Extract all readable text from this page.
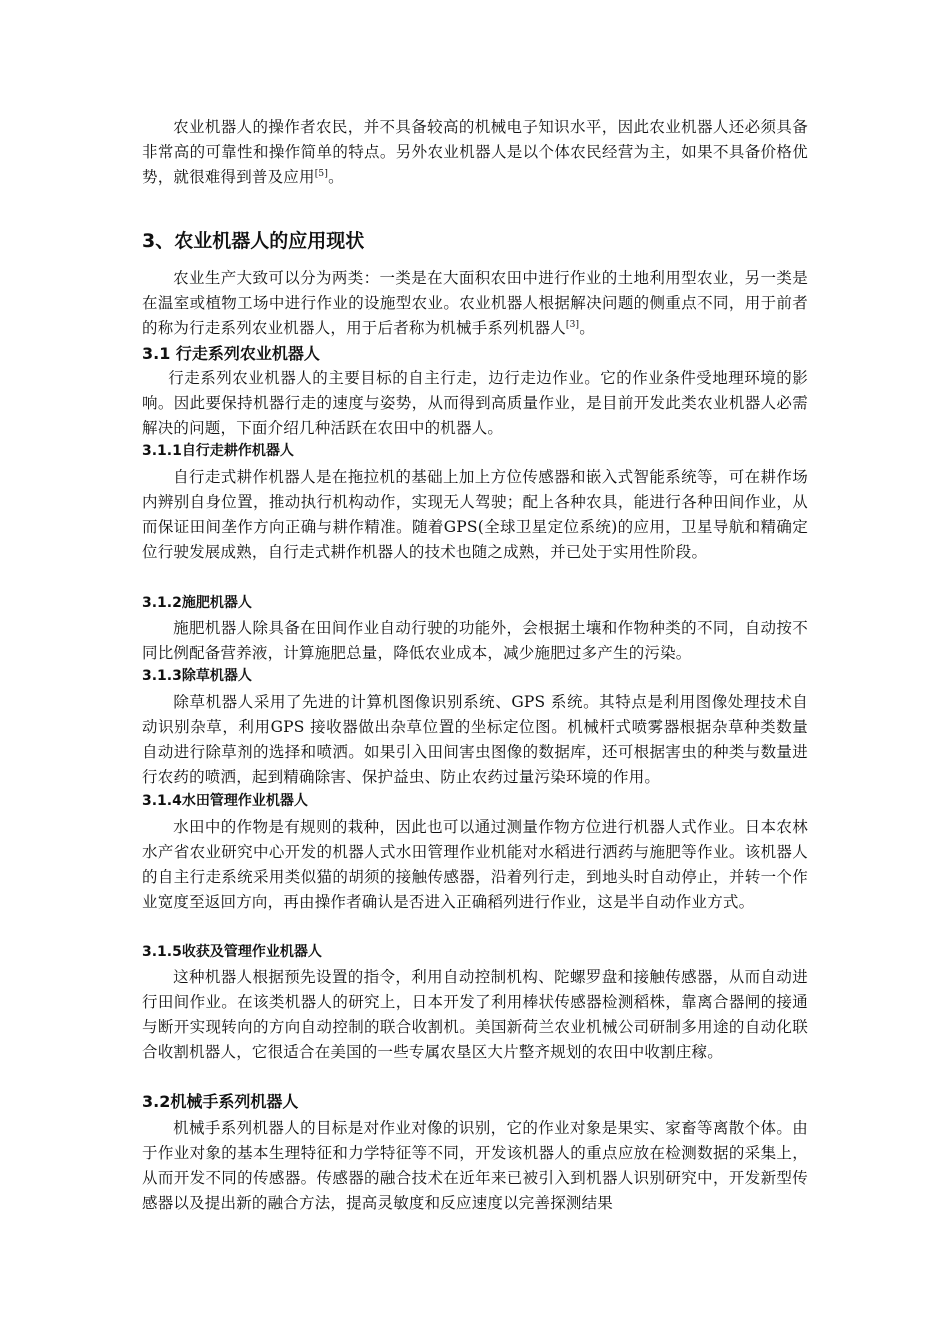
农业机器人的操作者农民，并不具备较高的机械电子知识水平，因此农业机器人还必须具备非常高的可靠性和操作简单的特点。另外农业机器人是以个体农民经营为主，如果不具备价格优势，就很难得到普及应用[5]。

3、农业机器人的应用现状

农业生产大致可以分为两类：一类是在大面积农田中进行作业的土地利用型农业，另一类是在温室或植物工场中进行作业的设施型农业。农业机器人根据解决问题的侧重点不同，用于前者的称为行走系列农业机器人，用于后者称为机械手系列机器人[3]。

3.1 行走系列农业机器人

行走系列农业机器人的主要目标的自主行走，边行走边作业。它的作业条件受地理环境的影响。因此要保持机器行走的速度与姿势，从而得到高质量作业，是目前开发此类农业机器人必需解决的问题，下面介绍几种活跃在农田中的机器人。

3.1.1自行走耕作机器人

自行走式耕作机器人是在拖拉机的基础上加上方位传感器和嵌入式智能系统等，可在耕作场内辨别自身位置，推动执行机构动作，实现无人驾驶；配上各种农具，能进行各种田间作业，从而保证田间垄作方向正确与耕作精准。随着GPS(全球卫星定位系统)的应用，卫星导航和精确定位行驶发展成熟，自行走式耕作机器人的技术也随之成熟，并已处于实用性阶段。

3.1.2施肥机器人

施肥机器人除具备在田间作业自动行驶的功能外，会根据土壤和作物种类的不同，自动按不同比例配备营养液，计算施肥总量，降低农业成本，减少施肥过多产生的污染。

3.1.3除草机器人

除草机器人采用了先进的计算机图像识别系统、GPS 系统。其特点是利用图像处理技术自动识别杂草，利用GPS 接收器做出杂草位置的坐标定位图。机械杆式喷雾器根据杂草种类数量自动进行除草剂的选择和喷洒。如果引入田间害虫图像的数据库，还可根据害虫的种类与数量进行农药的喷洒，起到精确除害、保护益虫、防止农药过量污染环境的作用。

3.1.4水田管理作业机器人

水田中的作物是有规则的栽种，因此也可以通过测量作物方位进行机器人式作业。日本农林水产省农业研究中心开发的机器人式水田管理作业机能对水稻进行洒药与施肥等作业。该机器人的自主行走系统采用类似猫的胡须的接触传感器，沿着列行走，到地头时自动停止，并转一个作业宽度至返回方向，再由操作者确认是否进入正确稻列进行作业，这是半自动作业方式。

3.1.5收获及管理作业机器人

这种机器人根据预先设置的指令，利用自动控制机构、陀螺罗盘和接触传感器，从而自动进行田间作业。在该类机器人的研究上，日本开发了利用棒状传感器检测稻株，靠离合器闸的接通与断开实现转向的方向自动控制的联合收割机。美国新荷兰农业机械公司研制多用途的自动化联合收割机器人，它很适合在美国的一些专属农垦区大片整齐规划的农田中收割庄稼。

3.2机械手系列机器人

机械手系列机器人的目标是对作业对像的识别，它的作业对象是果实、家畜等离散个体。由于作业对象的基本生理特征和力学特征等不同，开发该机器人的重点应放在检测数据的采集上，从而开发不同的传感器。传感器的融合技术在近年来已被引入到机器人识别研究中，开发新型传感器以及提出新的融合方法，提高灵敏度和反应速度以完善探测结果
